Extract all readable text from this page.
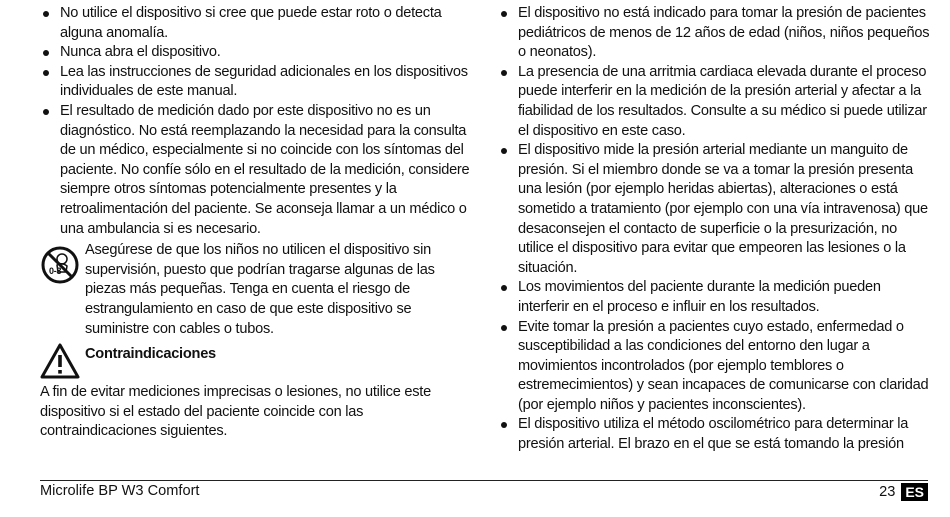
No utilice el dispositivo si cree que puede estar roto o detecta alguna anomalía.
Nunca abra el dispositivo.
Lea las instrucciones de seguridad adicionales en los dispositivos individuales de este manual.
El resultado de medición dado por este dispositivo no es un diagnóstico. No está reemplazando la necesidad para la consulta de un médico, especialmente si no coincide con los síntomas del paciente. No confíe sólo en el resultado de la medición, considere siempre otros síntomas potencialmente presentes y la retroalimentación del paciente. Se aconseja llamar a un médico o una ambulancia si es necesario.
0-3
Asegúrese de que los niños no utilicen el dispositivo sin supervisión, puesto que podrían tragarse algunas de las piezas más pequeñas. Tenga en cuenta el riesgo de estrangulamiento en caso de que este dispositivo se suministre con cables o tubos.
Contraindicaciones
A fin de evitar mediciones imprecisas o lesiones, no utilice este dispositivo si el estado del paciente coincide con las contraindicaciones siguientes.
El dispositivo no está indicado para tomar la presión de pacientes pediátricos de menos de 12 años de edad (niños, niños pequeños o neonatos).
La presencia de una arritmia cardiaca elevada durante el proceso puede interferir en la medición de la presión arterial y afectar a la fiabilidad de los resultados. Consulte a su médico si puede utilizar el dispositivo en este caso.
El dispositivo mide la presión arterial mediante un manguito de presión. Si el miembro donde se va a tomar la presión presenta una lesión (por ejemplo heridas abiertas), alteraciones o está sometido a tratamiento (por ejemplo con una vía intravenosa) que desaconsejen el contacto de superficie o la presurización, no utilice el dispositivo para evitar que empeoren las lesiones o la situación.
Los movimientos del paciente durante la medición pueden interferir en el proceso e influir en los resultados.
Evite tomar la presión a pacientes cuyo estado, enfermedad o susceptibilidad a las condiciones del entorno den lugar a movimientos incontrolados (por ejemplo temblores o estremecimientos) y sean incapaces de comunicarse con claridad (por ejemplo niños y pacientes inconscientes).
El dispositivo utiliza el método oscilométrico para determinar la presión arterial. El brazo en el que se está tomando la presión
Microlife BP W3 Comfort	23 ES
